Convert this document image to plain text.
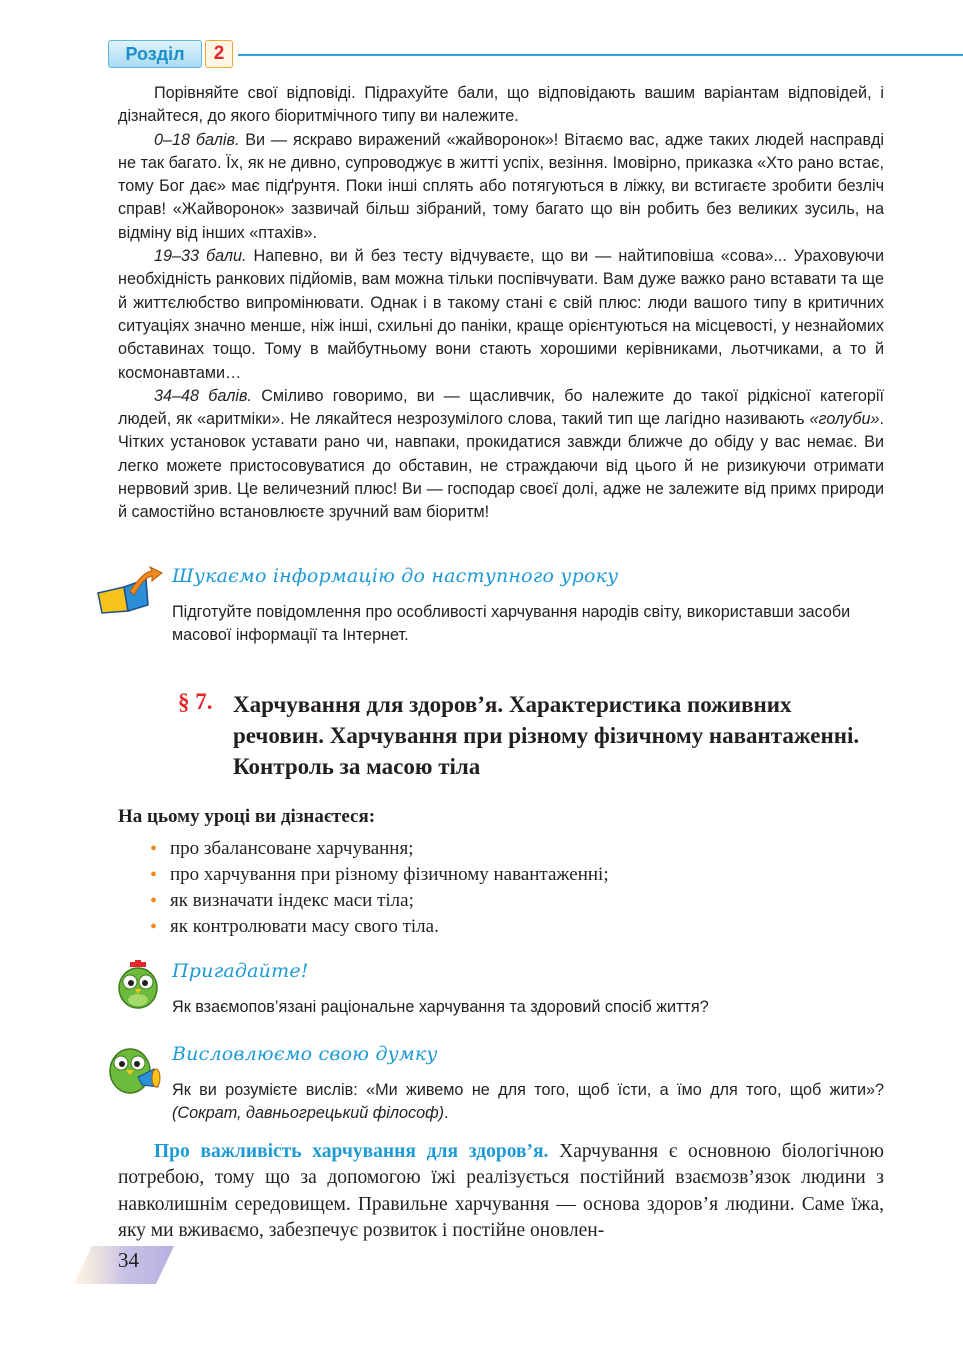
Розділ	2

Порівняйте свої відповіді. Підрахуйте бали, що відповідають вашим варіантам відповідей, і дізнайтеся, до якого біоритмічного типу ви належите.

0–18 балів. Ви — яскраво виражений «жайворонок»! Вітаємо вас, адже таких людей насправді не так багато. Їх, як не дивно, супроводжує в житті успіх, везіння. Імовірно, приказка «Хто рано встає, тому Бог дає» має підґрунтя. Поки інші сплять або потягуються в ліжку, ви встигаєте зробити безліч справ! «Жайворонок» зазвичай більш зібраний, тому багато що він робить без великих зусиль, на відміну від інших «птахів».

19–33 бали. Напевно, ви й без тесту відчуваєте, що ви — найтиповіша «сова»... Ураховуючи необхідність ранкових підйомів, вам можна тільки поспівчувати. Вам дуже важко рано вставати та ще й життєлюбство випромінювати. Однак і в такому стані є свій плюс: люди вашого типу в критичних ситуаціях значно менше, ніж інші, схильні до паніки, краще орієнтуються на місцевості, у незнайомих обставинах тощо. Тому в майбутньому вони стають хорошими керівниками, льотчиками, а то й космонавтами…

34–48 балів. Сміливо говоримо, ви — щасливчик, бо належите до такої рідкісної категорії людей, як «аритміки». Не лякайтеся незрозумілого слова, такий тип ще лагідно називають «голуби». Чітких установок уставати рано чи, навпаки, прокидатися завжди ближче до обіду у вас немає. Ви легко можете пристосовуватися до обставин, не страждаючи від цього й не ризикуючи отримати нервовий зрив. Це величезний плюс! Ви — господар своєї долі, адже не залежите від примх природи й самостійно встановлюєте зручний вам біоритм!

Шукаємо інформацію до наступного уроку
Підготуйте повідомлення про особливості харчування народів світу, використавши засоби масової інформації та Інтернет.
§ 7. Харчування для здоров’я. Характеристика поживних
речовин. Харчування при різному фізичному навантаженні.
Контроль за масою тіла
На цьому уроці ви дізнаєтеся:
• про збалансоване харчування;
• про харчування при різному фізичному навантаженні;
• як визначати індекс маси тіла;
• як контролювати масу свого тіла.
Пригадайте!
Як взаємопов’язані раціональне харчування та здоровий спосіб життя?
Висловлюємо свою думку
Як ви розумієте вислів: «Ми живемо не для того, щоб їсти, а їмо для того, щоб жити»? (Сократ, давньогрецький філософ).
Про важливість харчування для здоров’я. Харчування є основною біологічною потребою, тому що за допомогою їжі реалізується постійний взаємозв’язок людини з навколишнім середовищем. Правильне харчування — основа здоров’я людини. Саме їжа, яку ми вживаємо, забезпечує розвиток і постійне оновлен-
34
